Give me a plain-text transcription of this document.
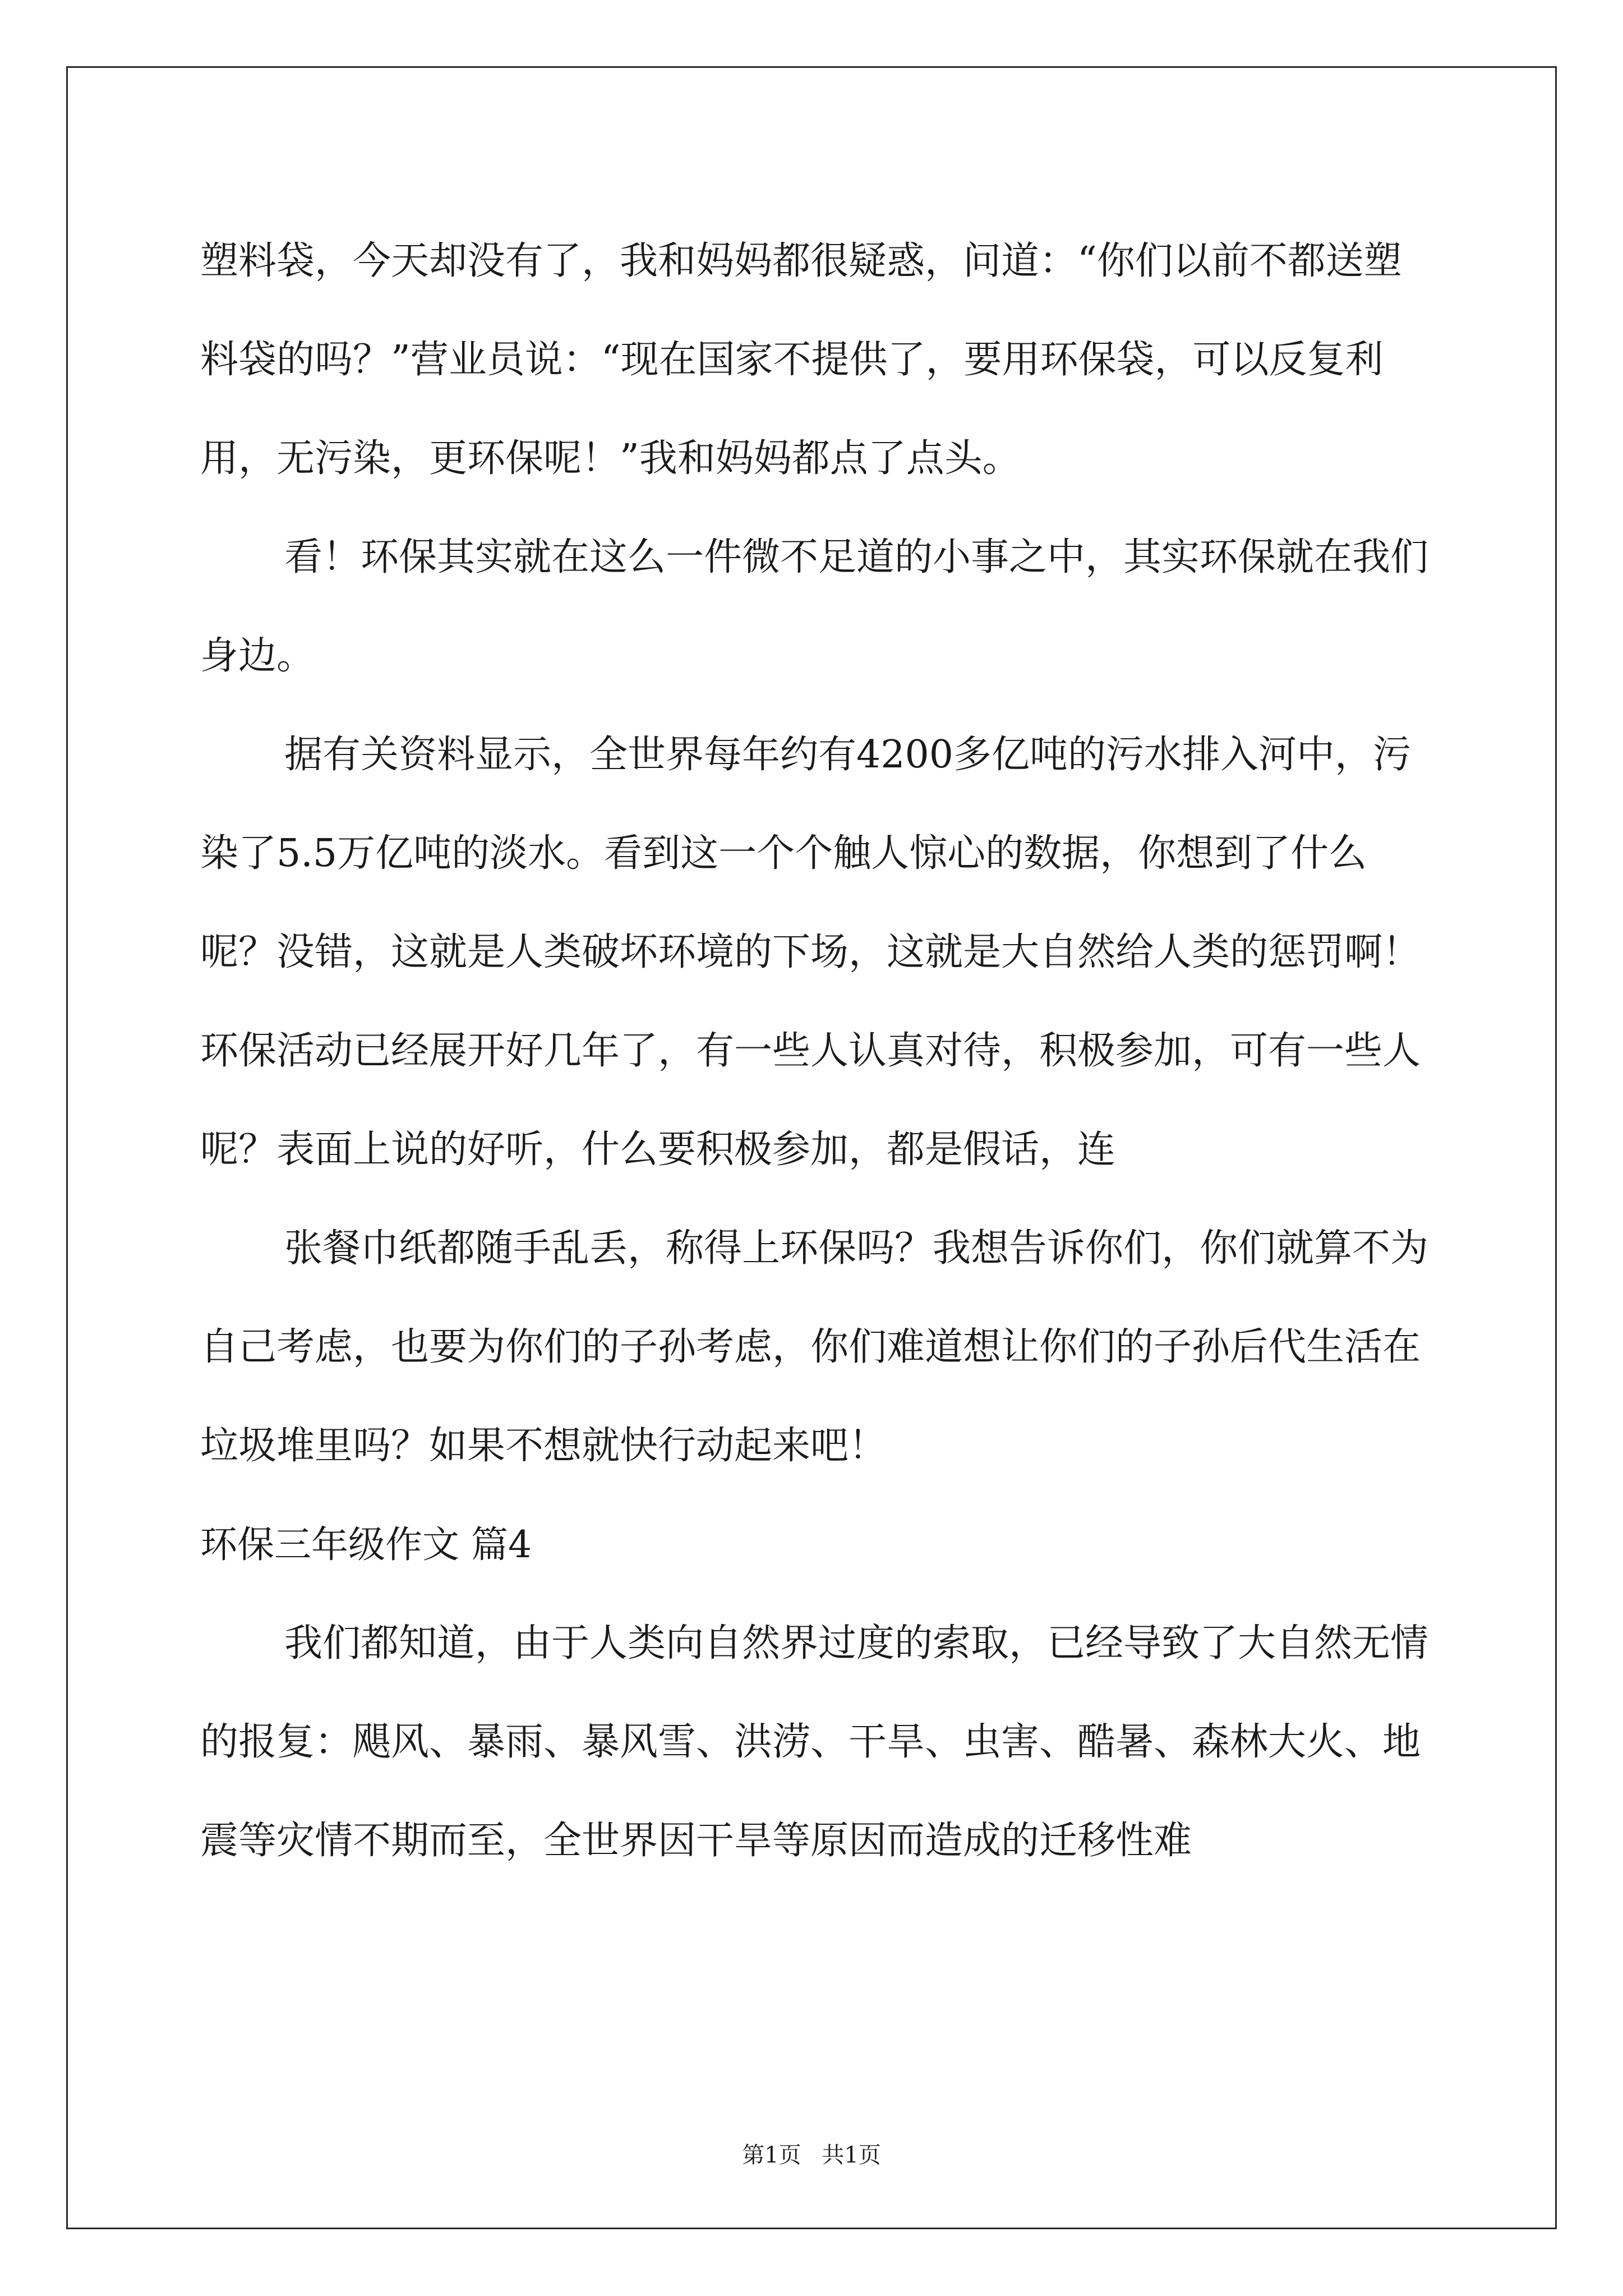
塑料袋，今天却没有了，我和妈妈都很疑惑，问道：“你们以前不都送塑料袋的吗？”营业员说：“现在国家不提供了，要用环保袋，可以反复利用，无污染，更环保呢！”我和妈妈都点了点头。

看！环保其实就在这么一件微不足道的小事之中，其实环保就在我们身边。

据有关资料显示，全世界每年约有4200多亿吨的污水排入河中，污染了5.5万亿吨的淡水。看到这一个个触人惊心的数据，你想到了什么呢？没错，这就是人类破坏环境的下场，这就是大自然给人类的惩罚啊！环保活动已经展开好几年了，有一些人认真对待，积极参加，可有一些人呢？表面上说的好听，什么要积极参加，都是假话，连

张餐巾纸都随手乱丢，称得上环保吗？我想告诉你们，你们就算不为自己考虑，也要为你们的子孙考虑，你们难道想让你们的子孙后代生活在垃圾堆里吗？如果不想就快行动起来吧！

环保三年级作文 篇4

我们都知道，由于人类向自然界过度的索取，已经导致了大自然无情的报复：飓风、暴雨、暴风雪、洪涝、干旱、虫害、酷暑、森林大火、地震等灾情不期而至，全世界因干旱等原因而造成的迁移性难

第1页 共1页
